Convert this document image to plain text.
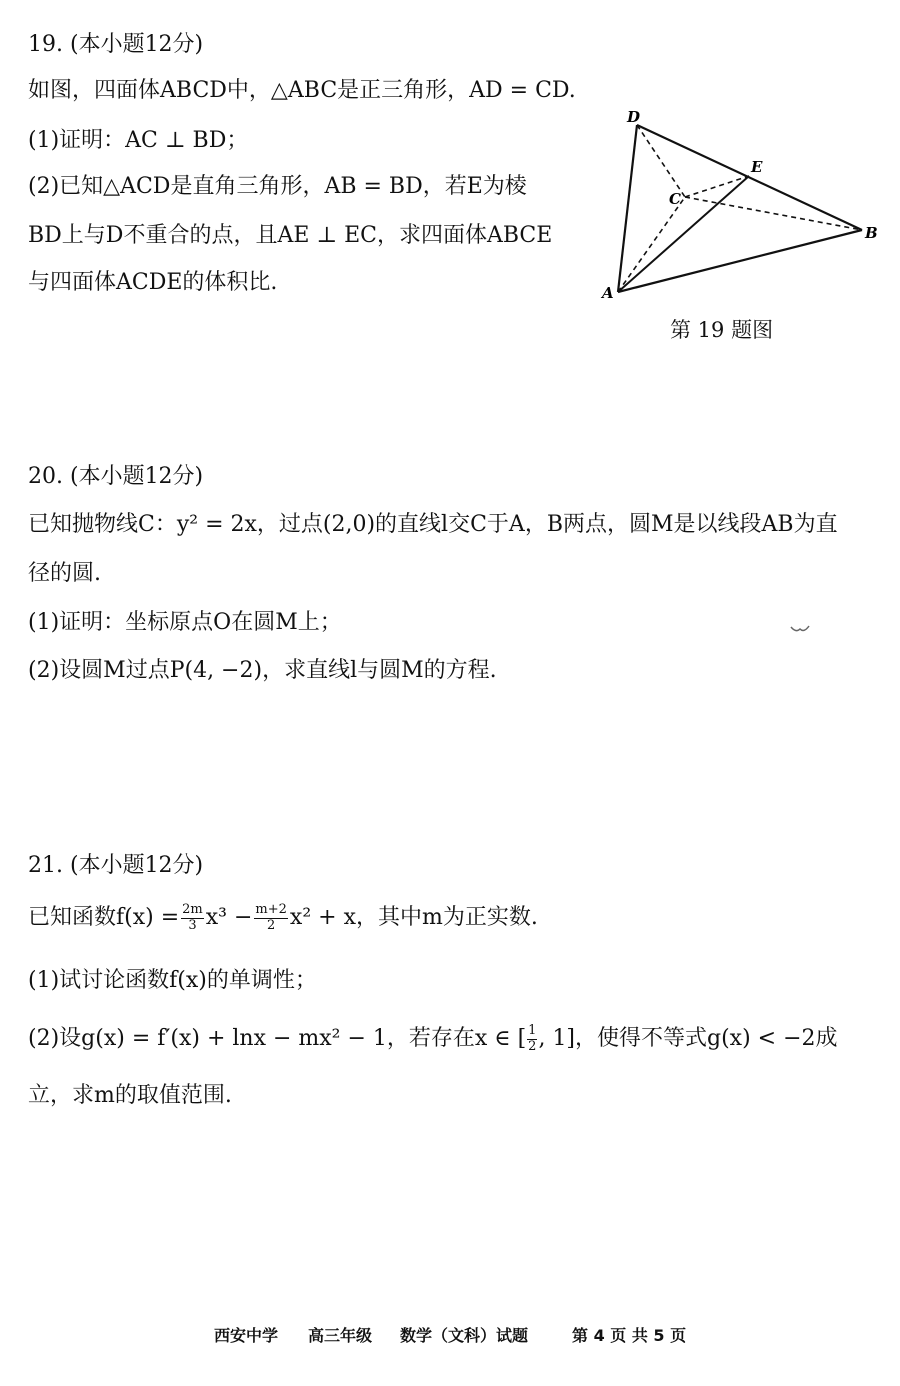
19. (本小题12分)
如图，四面体ABCD中，△ABC是正三角形，AD = CD.
(1)证明：AC ⊥ BD；
(2)已知△ACD是直角三角形，AB = BD，若E为棱
BD上与D不重合的点，且AE ⊥ EC，求四面体ABCE
与四面体ACDE的体积比.
D
E
C
B
A
第 19 题图
20. (本小题12分)
已知抛物线C：y² = 2x，过点(2,0)的直线l交C于A，B两点，圆M是以线段AB为直
径的圆.
(1)证明：坐标原点O在圆M上；
(2)设圆M过点P(4, −2)，求直线l与圆M的方程.
21. (本小题12分)
已知函数$f(x) = \frac{2m}{3} x^3 - \frac{m+2}{2} x^2 + x$，其中m为正实数.
(1)试讨论函数f(x)的单调性；
(2)设g(x) = f′(x) + lnx − mx² − 1，若存在x ∈ [ $\frac{1}{2}$ , 1]，使得不等式g(x) < −2成
立，求m的取值范围.
西安中学 高三年级 数学（文科）试题	第 4 页 共 5 页
